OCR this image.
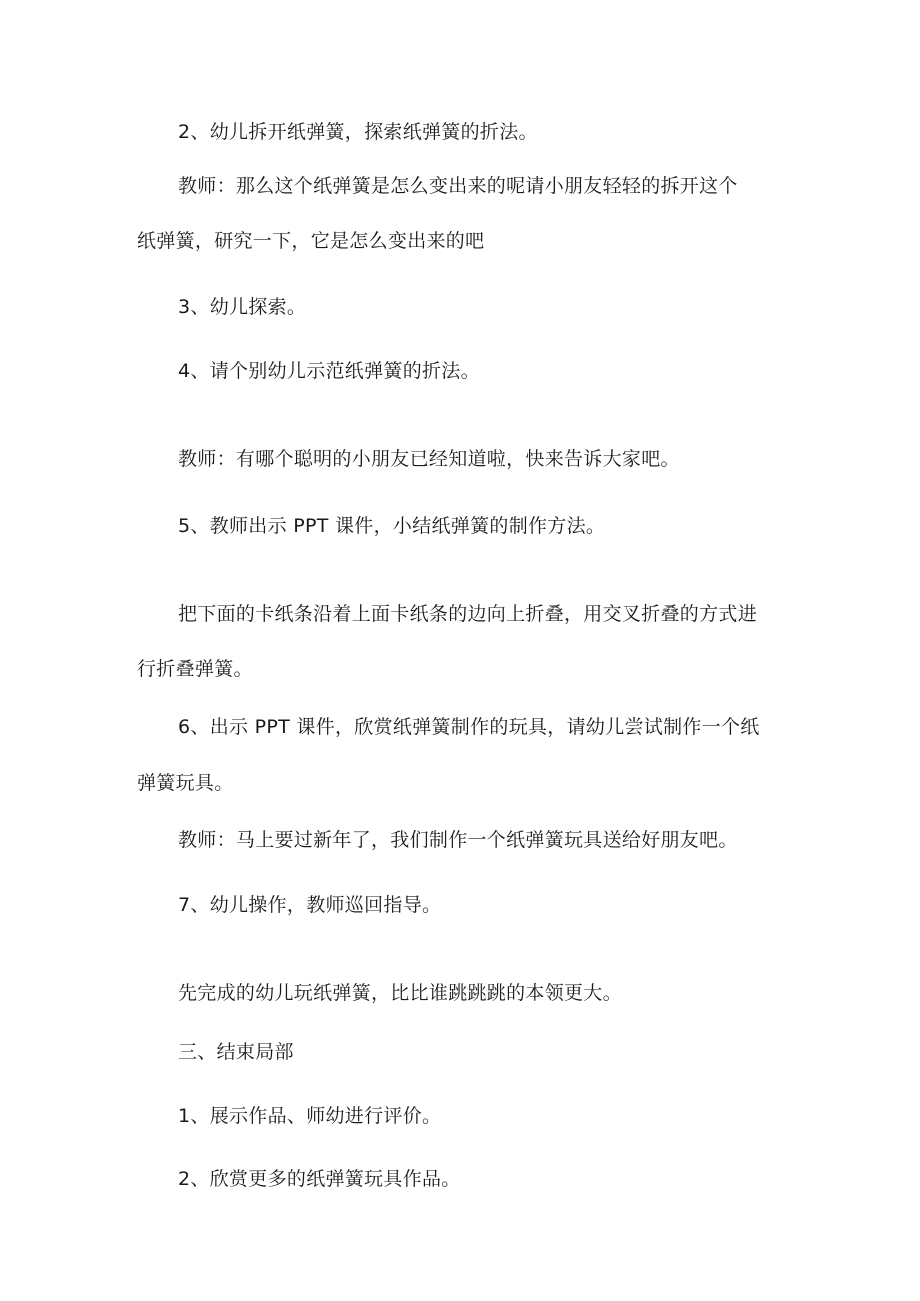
2、幼儿拆开纸弹簧，探索纸弹簧的折法。
教师：那么这个纸弹簧是怎么变出来的呢请小朋友轻轻的拆开这个
纸弹簧，研究一下，它是怎么变出来的吧
3、幼儿探索。
4、请个别幼儿示范纸弹簧的折法。
教师：有哪个聪明的小朋友已经知道啦，快来告诉大家吧。
5、教师出示 PPT 课件，小结纸弹簧的制作方法。
把下面的卡纸条沿着上面卡纸条的边向上折叠，用交叉折叠的方式进
行折叠弹簧。
6、出示 PPT 课件，欣赏纸弹簧制作的玩具，请幼儿尝试制作一个纸
弹簧玩具。
教师：马上要过新年了，我们制作一个纸弹簧玩具送给好朋友吧。
7、幼儿操作，教师巡回指导。
先完成的幼儿玩纸弹簧，比比谁跳跳跳的本领更大。
三、结束局部
1、展示作品、师幼进行评价。
2、欣赏更多的纸弹簧玩具作品。
